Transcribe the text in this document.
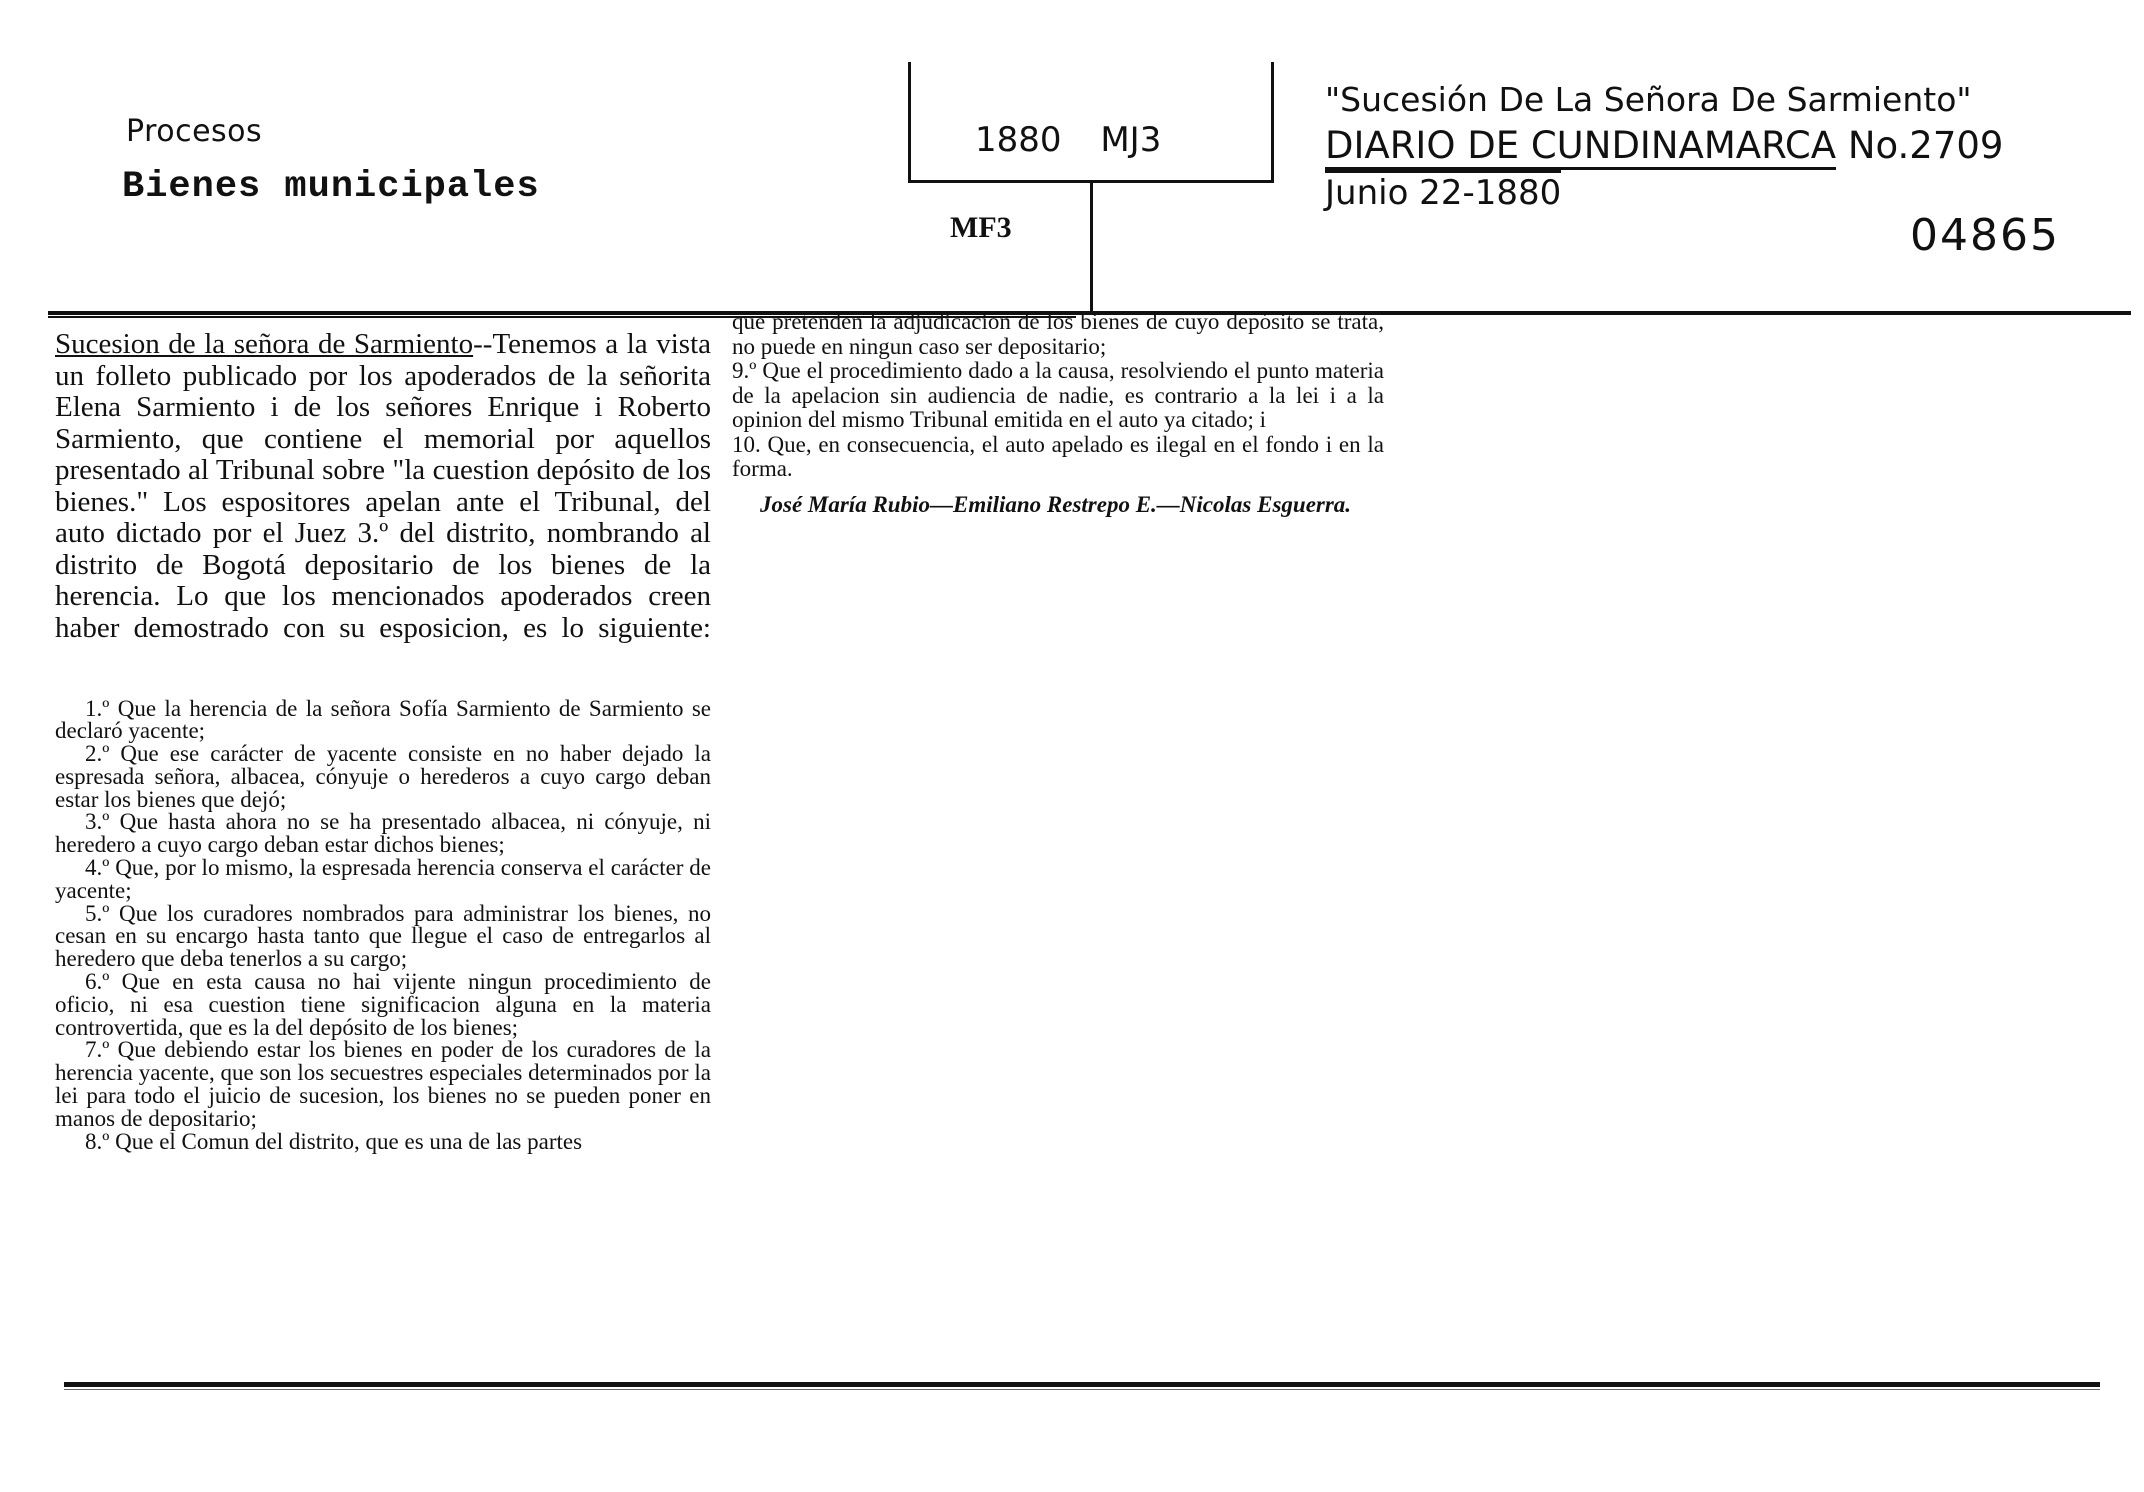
Procesos
Bienes municipales
1880 MJ3
MF3
"Sucesión De La Señora De Sarmiento"
DIARIO DE CUNDINAMARCA No.2709
Junio 22-1880
04865

Sucesion de la señora de Sarmiento--Tenemos a la vista un folleto publicado por los apoderados de la señorita Elena Sarmiento i de los señores Enrique i Roberto Sarmiento, que contiene el memorial por aquellos presentado al Tribunal sobre "la cuestion depósito de los bienes." Los espositores apelan ante el Tribunal, del auto dictado por el Juez 3.º del distrito, nombrando al distrito de Bogotá depositario de los bienes de la herencia. Lo que los mencionados apoderados creen haber demostrado con su esposicion, es lo siguiente:

1.º Que la herencia de la señora Sofía Sarmiento de Sarmiento se declaró yacente;

2.º Que ese carácter de yacente consiste en no haber dejado la espresada señora, albacea, cónyuje o herederos a cuyo cargo deban estar los bienes que dejó;

3.º Que hasta ahora no se ha presentado albacea, ni cónyuje, ni heredero a cuyo cargo deban estar dichos bienes;

4.º Que, por lo mismo, la espresada herencia conserva el carácter de yacente;

5.º Que los curadores nombrados para administrar los bienes, no cesan en su encargo hasta tanto que llegue el caso de entregarlos al heredero que deba tenerlos a su cargo;

6.º Que en esta causa no hai vijente ningun procedimiento de oficio, ni esa cuestion tiene significacion alguna en la materia controvertida, que es la del depósito de los bienes;

7.º Que debiendo estar los bienes en poder de los curadores de la herencia yacente, que son los secuestres especiales determinados por la lei para todo el juicio de sucesion, los bienes no se pueden poner en manos de depositario;

8.º Que el Comun del distrito, que es una de las partes

que pretenden la adjudicacion de los bienes de cuyo depósito se trata, no puede en ningun caso ser depositario;

9.º Que el procedimiento dado a la causa, resolviendo el punto materia de la apelacion sin audiencia de nadie, es contrario a la lei i a la opinion del mismo Tribunal emitida en el auto ya citado; i

10. Que, en consecuencia, el auto apelado es ilegal en el fondo i en la forma.

José María Rubio—Emiliano Restrepo E.—Nicolas Esguerra.
